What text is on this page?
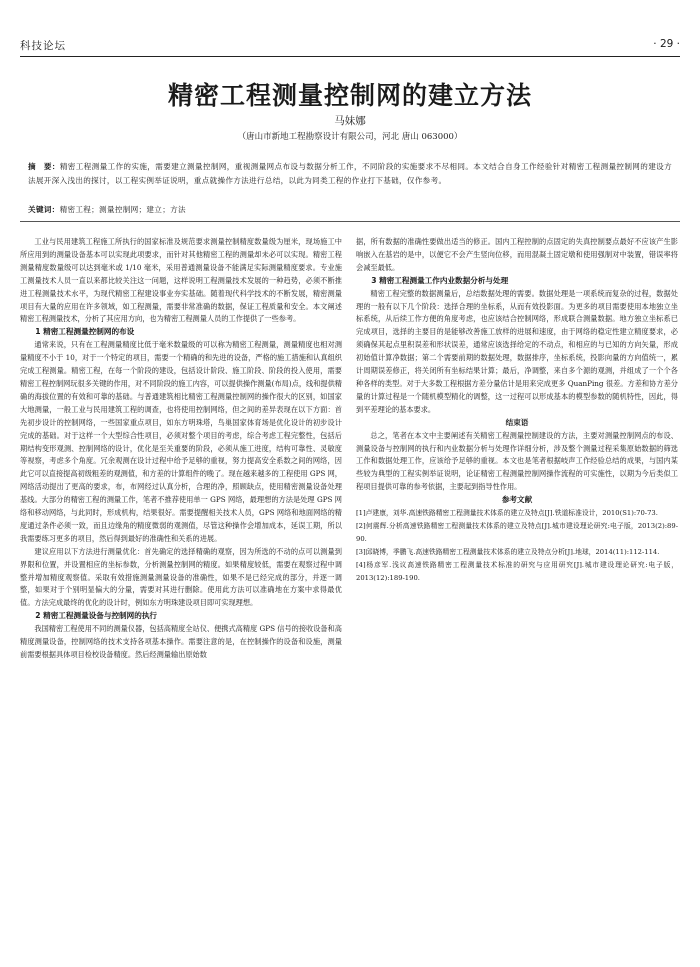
科技论坛	· 29 ·
精密工程测量控制网的建立方法
马妹娜
（唐山市新地工程勘察设计有限公司，河北 唐山 063000）
摘　要：精密工程测量工作的实施，需要建立测量控制网，重视测量网点布设与数据分析工作，不同阶段的实施要求不尽相同。本文结合自身工作经验针对精密工程测量控制网的建设方法展开深入浅出的探讨，以工程实例举证说明，重点就操作方法进行总结，以此为同类工程的作业打下基础，仅作参考。
关键词：精密工程；测量控制网；建立；方法

工业与民用建筑工程施工所执行的国家标准及规范要求测量控制精度数量级为厘米，现场施工中所应用到的测量设备基本可以实现此项要求，而针对其他精密工程的测量却未必可以实现。精密工程测量精度数量级可以达到毫米或 1/10 毫米，采用普通测量设备不能满足实际测量精度要求。专业施工测量技术人员一直以来都比较关注这一问题，这样说明工程测量技术发展的一种趋势，必须不断推进工程测量技术水平，为现代精密工程建设事业夯实基础。随着现代科学技术的不断发展，精密测量项目有大量的应用在许多领域，如工程测量，需要非常准确的数据，保证工程质量和安全。本文阐述精密工程测量技术，分析了其应用方向，也为精密工程测量人员的工作提供了一些参考。

1 精密工程测量控制网的布设

通常来说，只有在工程测量精度比低于毫米数量级的可以称为精密工程测量，测量精度也相对测量精度不小于 10，对于一个特定的项目，需要一个精确的和先进的设备，严格的施工措施和认真组织完成工程测量。精密工程，在每一个阶段的建设，包括设计阶段、施工阶段、阶段的投入使用，需要精密工程控制网玩很多关键的作用，对不同阶段的施工内容，可以提供操作测量(布局)点，线和提供精确的海拔位置的有效和可靠的基础。与普通建筑相比精密工程测量控制网的操作很大的区别，如国家大地测量，一般工业与民用建筑工程的调查，也将使用控制网络，但之间的差异表现在以下方面：首先初步设计的控制网络，一些国家重点项目，如东方明珠塔，鸟巢国家体育场是优化设计的初步设计完成的基础。对于这样一个大型综合性项目，必须对整个项目的考虑，综合考虑工程完整性，包括后期结构变形观测、控制网络的设计，优化是至关重要的阶段，必须从施工进度，结构可靠性、灵敏度等视察，考虑多个角度。冗余观测在设计过程中给予足够的重视，努力提高安全系数之间的网络，因此它可以直接提高初级粗差的观测值，和方差的计算组件的晚了。现在越来越多的工程使用 GPS 网，网络活动提出了更高的要求，布，布网经过认真分析，合理的净，照顾缺点，使用精密测量设备处理基线。大部分的精密工程的测量工作，笔者不推荐使用单一 GPS 网络，最理想的方法是处理 GPS 网络和移动网络，与此同时，形成机构，结果很好。需要提醒相关技术人员，GPS 网络和地面网络的精度通过条件必须一致，而且边缘角的精度微弱的观测值，尽管这种操作会增加成本，延误工期，所以我需要练习更多的项目，然后得到最好的准确性和关系的进展。

建议应用以下方法进行测量优化：首先确定的选择精确的观察，因为所选的不动的点可以测量到界限和位置，并设置相应的坐标参数，分析测量控制网的精度。如果精度较低，需要在观察过程中调整并增加精度观察值。采取有效措施测量测量设备的准确性，如果不是已经完成的部分，并逐一调整，如果对于个别明显偏大的分量，需要对其进行删除。使用此方法可以准确地在方案中求得最优值。方法完成最终的优化的设计时，例如东方明珠建设项目即可实现理想。

2 精密工程测量设备与控制网的执行

我国精密工程使用不同的测量仪器，包括高精度全站仪、便携式高精度 GPS 信号的接收设备和高精度测量设备，控制网络的技术支持各项基本操作。需要注意的是，在控制操作的设备和设施，测量前需要根据具体项目检校设备精度。然后经测量输出原始数

据，所有数据的准确性要做出适当的修正。国内工程控制的点固定的失真控制要点最好不应该产生影响嵌入在基岩的是中，以便它不会产生竖向位移，而用混凝土固定墩和使用强制对中装置，错误率将会减至最低。

3 精密工程测量工作内业数据分析与处理

精密工程完整的数据测量后，总结数据处理的需要。数据处理是一项系统而复杂的过程，数据处理的一般有以下几个阶段：选择合理的坐标系，从而有效投影面。为更多的项目需要使用本地独立坐标系统，从后续工作方便的角度考虑，也应该结合控制网络，形成联合测量数据。地方独立坐标系已完成项目，选择的主要目的是能够改善施工放样的进展和速度，由于网络的稳定性建立精度要求，必须确保其起点里积误差和形状误差，通常应该选择给定的不动点，和相应的与已知的方向矢量，形成初始值计算净数据；第二个需要前期的数据处理，数据排序，坐标系统，投影向量的方向值统一，累计周期误差修正，将关闭所有坐标结果计算；最后，净调整，来自多个源的观测，并组成了一个个各种各样的类型。对于大多数工程根据方差分量估计是用来完成更多 QuanPing 很差。方差和协方差分量的计算过程是一个随机模型精化的调整，这一过程可以形成基本的模型参数的随机特性，因此，得到平差理论的基本要求。

结束语

总之，笔者在本文中主要阐述有关精密工程测量控制建设的方法，主要对测量控制网点的布设、测量设备与控制网的执行和内业数据分析与处理作详细分析，涉及整个测量过程采集原始数据的筛选工作和数据处理工作，应该给予足够的重视。本文也是笔者根据岐声工作经验总结的成果，与国内某些较为典型的工程实例举证说明，论证精密工程测量控制网操作流程的可实施性，以期为今后类似工程项目提供可靠的参考依据，主要起到指导性作用。

参考文献
[1]卢建康，刘华.高速铁路精密工程测量技术体系的建立及特点[J].铁道标准设计，2010(S1):70-73.
[2]何震辉.分析高速铁路精密工程测量技术体系的建立及特点[J].城市建设理论研究:电子版，2013(2):89-90.
[3]邱晓博，季鹏飞.高速铁路精密工程测量技术体系的建立及特点分析[J].地球，2014(11):112-114.
[4]杨彦军.浅议高速铁路精密工程测量技术标准的研究与应用研究[J].城市建设理论研究:电子版，2013(12):189-190.
